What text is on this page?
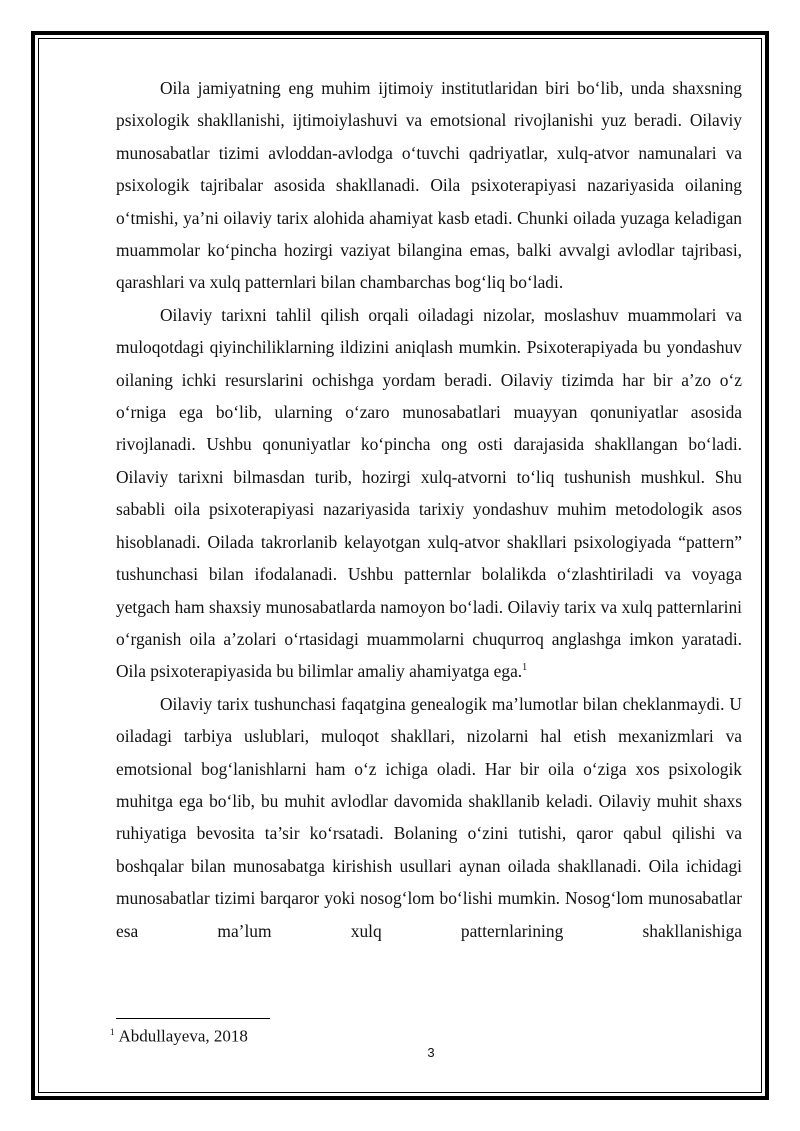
Oila jamiyatning eng muhim ijtimoiy institutlaridan biri bo‘lib, unda shaxsning psixologik shakllanishi, ijtimoiylashuvi va emotsional rivojlanishi yuz beradi. Oilaviy munosabatlar tizimi avloddan-avlodga o‘tuvchi qadriyatlar, xulq-atvor namunalari va psixologik tajribalar asosida shakllanadi. Oila psixoterapiyasi nazariyasida oilaning o‘tmishi, ya’ni oilaviy tarix alohida ahamiyat kasb etadi. Chunki oilada yuzaga keladigan muammolar ko‘pincha hozirgi vaziyat bilangina emas, balki avvalgi avlodlar tajribasi, qarashlari va xulq patternlari bilan chambarchas bog‘liq bo‘ladi.

Oilaviy tarixni tahlil qilish orqali oiladagi nizolar, moslashuv muammolari va muloqotdagi qiyinchiliklarning ildizini aniqlash mumkin. Psixoterapiyada bu yondashuv oilaning ichki resurslarini ochishga yordam beradi. Oilaviy tizimda har bir a’zo o‘z o‘rniga ega bo‘lib, ularning o‘zaro munosabatlari muayyan qonuniyatlar asosida rivojlanadi. Ushbu qonuniyatlar ko‘pincha ong osti darajasida shakllangan bo‘ladi. Oilaviy tarixni bilmasdan turib, hozirgi xulq-atvorni to‘liq tushunish mushkul. Shu sababli oila psixoterapiyasi nazariyasida tarixiy yondashuv muhim metodologik asos hisoblanadi. Oilada takrorlanib kelayotgan xulq-atvor shakllari psixologiyada “pattern” tushunchasi bilan ifodalanadi. Ushbu patternlar bolalikda o‘zlashtiriladi va voyaga yetgach ham shaxsiy munosabatlarda namoyon bo‘ladi. Oilaviy tarix va xulq patternlarini o‘rganish oila a’zolari o‘rtasidagi muammolarni chuqurroq anglashga imkon yaratadi. Oila psixoterapiyasida bu bilimlar amaliy ahamiyatga ega.$^1$

Oilaviy tarix tushunchasi faqatgina genealogik ma’lumotlar bilan cheklanmaydi. U oiladagi tarbiya uslublari, muloqot shakllari, nizolarni hal etish mexanizmlari va emotsional bog‘lanishlarni ham o‘z ichiga oladi. Har bir oila o‘ziga xos psixologik muhitga ega bo‘lib, bu muhit avlodlar davomida shakllanib keladi. Oilaviy muhit shaxs ruhiyatiga bevosita ta’sir ko‘rsatadi. Bolaning o‘zini tutishi, qaror qabul qilishi va boshqalar bilan munosabatga kirishish usullari aynan oilada shakllanadi. Oila ichidagi munosabatlar tizimi barqaror yoki nosog‘lom bo‘lishi mumkin. Nosog‘lom munosabatlar esa ma’lum xulq patternlarining shakllanishiga

$^1$ Abdullayeva, 2018
3
